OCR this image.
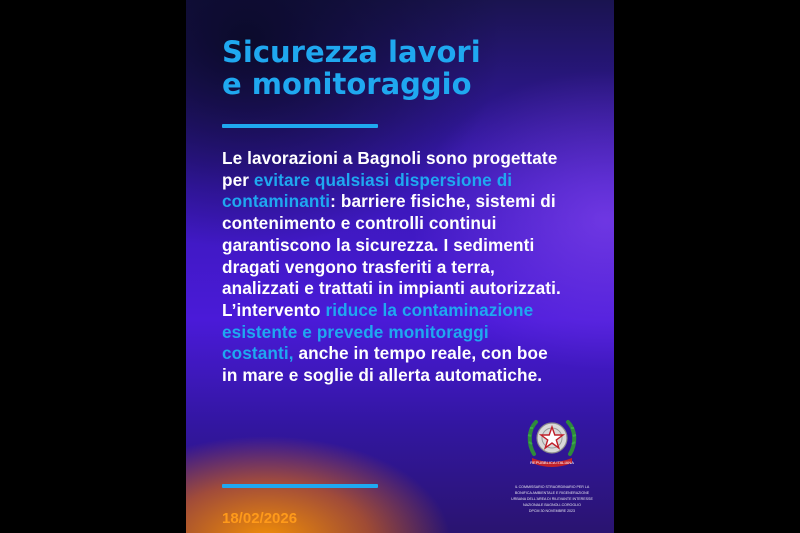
Sicurezza lavori
e monitoraggio
Le lavorazioni a Bagnoli sono progettate per evitare qualsiasi dispersione di contaminanti: barriere fisiche, sistemi di contenimento e controlli continui garantiscono la sicurezza. I sedimenti dragati vengono trasferiti a terra, analizzati e trattati in impianti autorizzati. L’intervento riduce la contaminazione esistente e prevede monitoraggi costanti, anche in tempo reale, con boe in mare e soglie di allerta automatiche.
18/02/2026
REPUBBLICA ITALIANA
IL COMMISSARIO STRAORDINARIO PER LA
BONIFICA AMBIENTALE E RIGENERAZIONE
URBANA DELL'AREA DI RILEVANTE INTERESSE
NAZIONALE BAGNOLI-COROGLIO
DPCM 30 NOVEMBRE 2023
